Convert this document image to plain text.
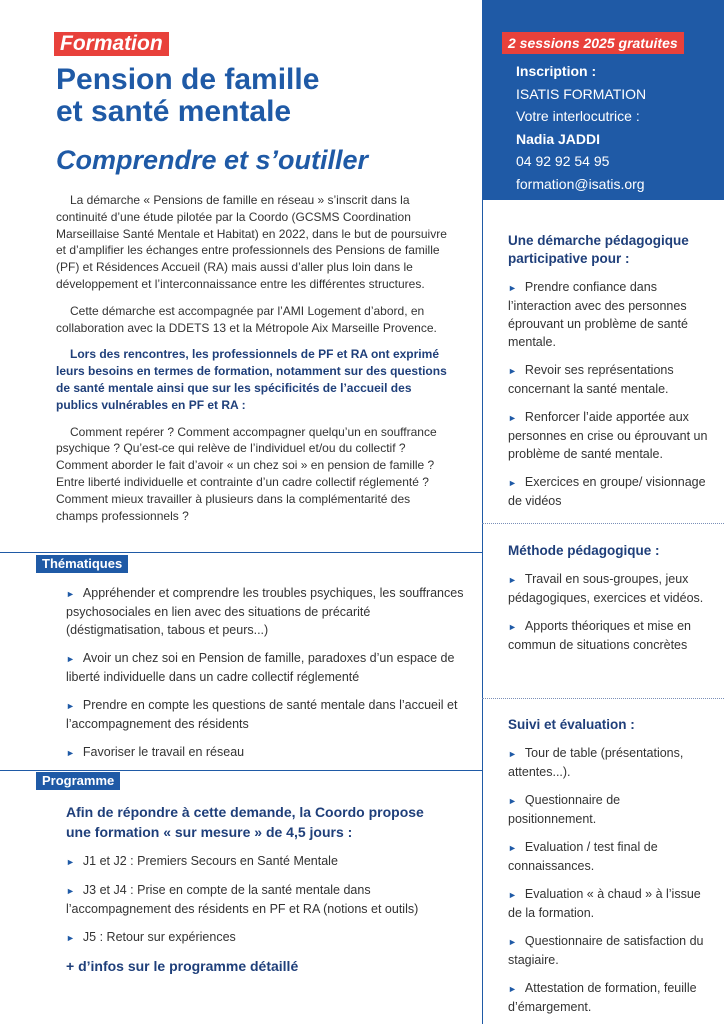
Formation
Pension de famille
et santé mentale
Comprendre et s’outiller
2 sessions 2025 gratuites
Inscription :
ISATIS FORMATION
Votre interlocutrice :
Nadia JADDI
04 92 92 54 95
formation@isatis.org

La démarche « Pensions de famille en réseau » s’inscrit dans la continuité d’une étude pilotée par la Coordo (GCSMS Coordination Marseillaise Santé Mentale et Habitat) en 2022, dans le but de poursuivre et d’amplifier les échanges entre professionnels des Pensions de famille (PF) et Résidences Accueil (RA) mais aussi d’aller plus loin dans le développement et l’interconnaissance entre les différentes structures.

Cette démarche est accompagnée par l’AMI Logement d’abord, en collaboration avec la DDETS 13 et la Métropole Aix Marseille Provence.

Lors des rencontres, les professionnels de PF et RA ont exprimé leurs besoins en termes de formation, notamment sur des questions de santé mentale ainsi que sur les spécificités de l’accueil des publics vulnérables en PF et RA :

Comment repérer ? Comment accompagner quelqu’un en souffrance psychique ? Qu’est-ce qui relève de l’individuel et/ou du collectif ? Comment aborder le fait d’avoir « un chez soi » en pension de famille ? Entre liberté individuelle et contrainte d’un cadre collectif réglementé ? Comment mieux travailler à plusieurs dans la complémentarité des champs professionnels ?

Thématiques
► Appréhender et comprendre les troubles psychiques, les souffrances psychosociales en lien avec des situations de précarité (déstigmatisation, tabous et peurs...)
► Avoir un chez soi en Pension de famille, paradoxes d’un espace de liberté individuelle dans un cadre collectif réglementé
► Prendre en compte les questions de santé mentale dans l’accueil et l’accompagnement des résidents
► Favoriser le travail en réseau
Programme
Afin de répondre à cette demande, la Coordo propose une formation « sur mesure » de 4,5 jours :
► J1 et J2 : Premiers Secours en Santé Mentale
► J3 et J4 : Prise en compte de la santé mentale dans l’accompagnement des résidents en PF et RA (notions et outils)
► J5 : Retour sur expériences
+ d’infos sur le programme détaillé
Une démarche pédagogique participative pour :
► Prendre confiance dans l’interaction avec des personnes éprouvant un problème de santé mentale.
► Revoir ses représentations concernant la santé mentale.
► Renforcer l’aide apportée aux personnes en crise ou éprouvant un problème de santé mentale.
► Exercices en groupe/ visionnage de vidéos
Méthode pédagogique :
► Travail en sous-groupes, jeux pédagogiques, exercices et vidéos.
► Apports théoriques et mise en commun de situations concrètes
Suivi et évaluation :
► Tour de table (présentations, attentes...).
► Questionnaire de positionnement.
► Evaluation / test final de connaissances.
► Evaluation « à chaud » à l’issue de la formation.
► Questionnaire de satisfaction du stagiaire.
► Attestation de formation, feuille d’émargement.
